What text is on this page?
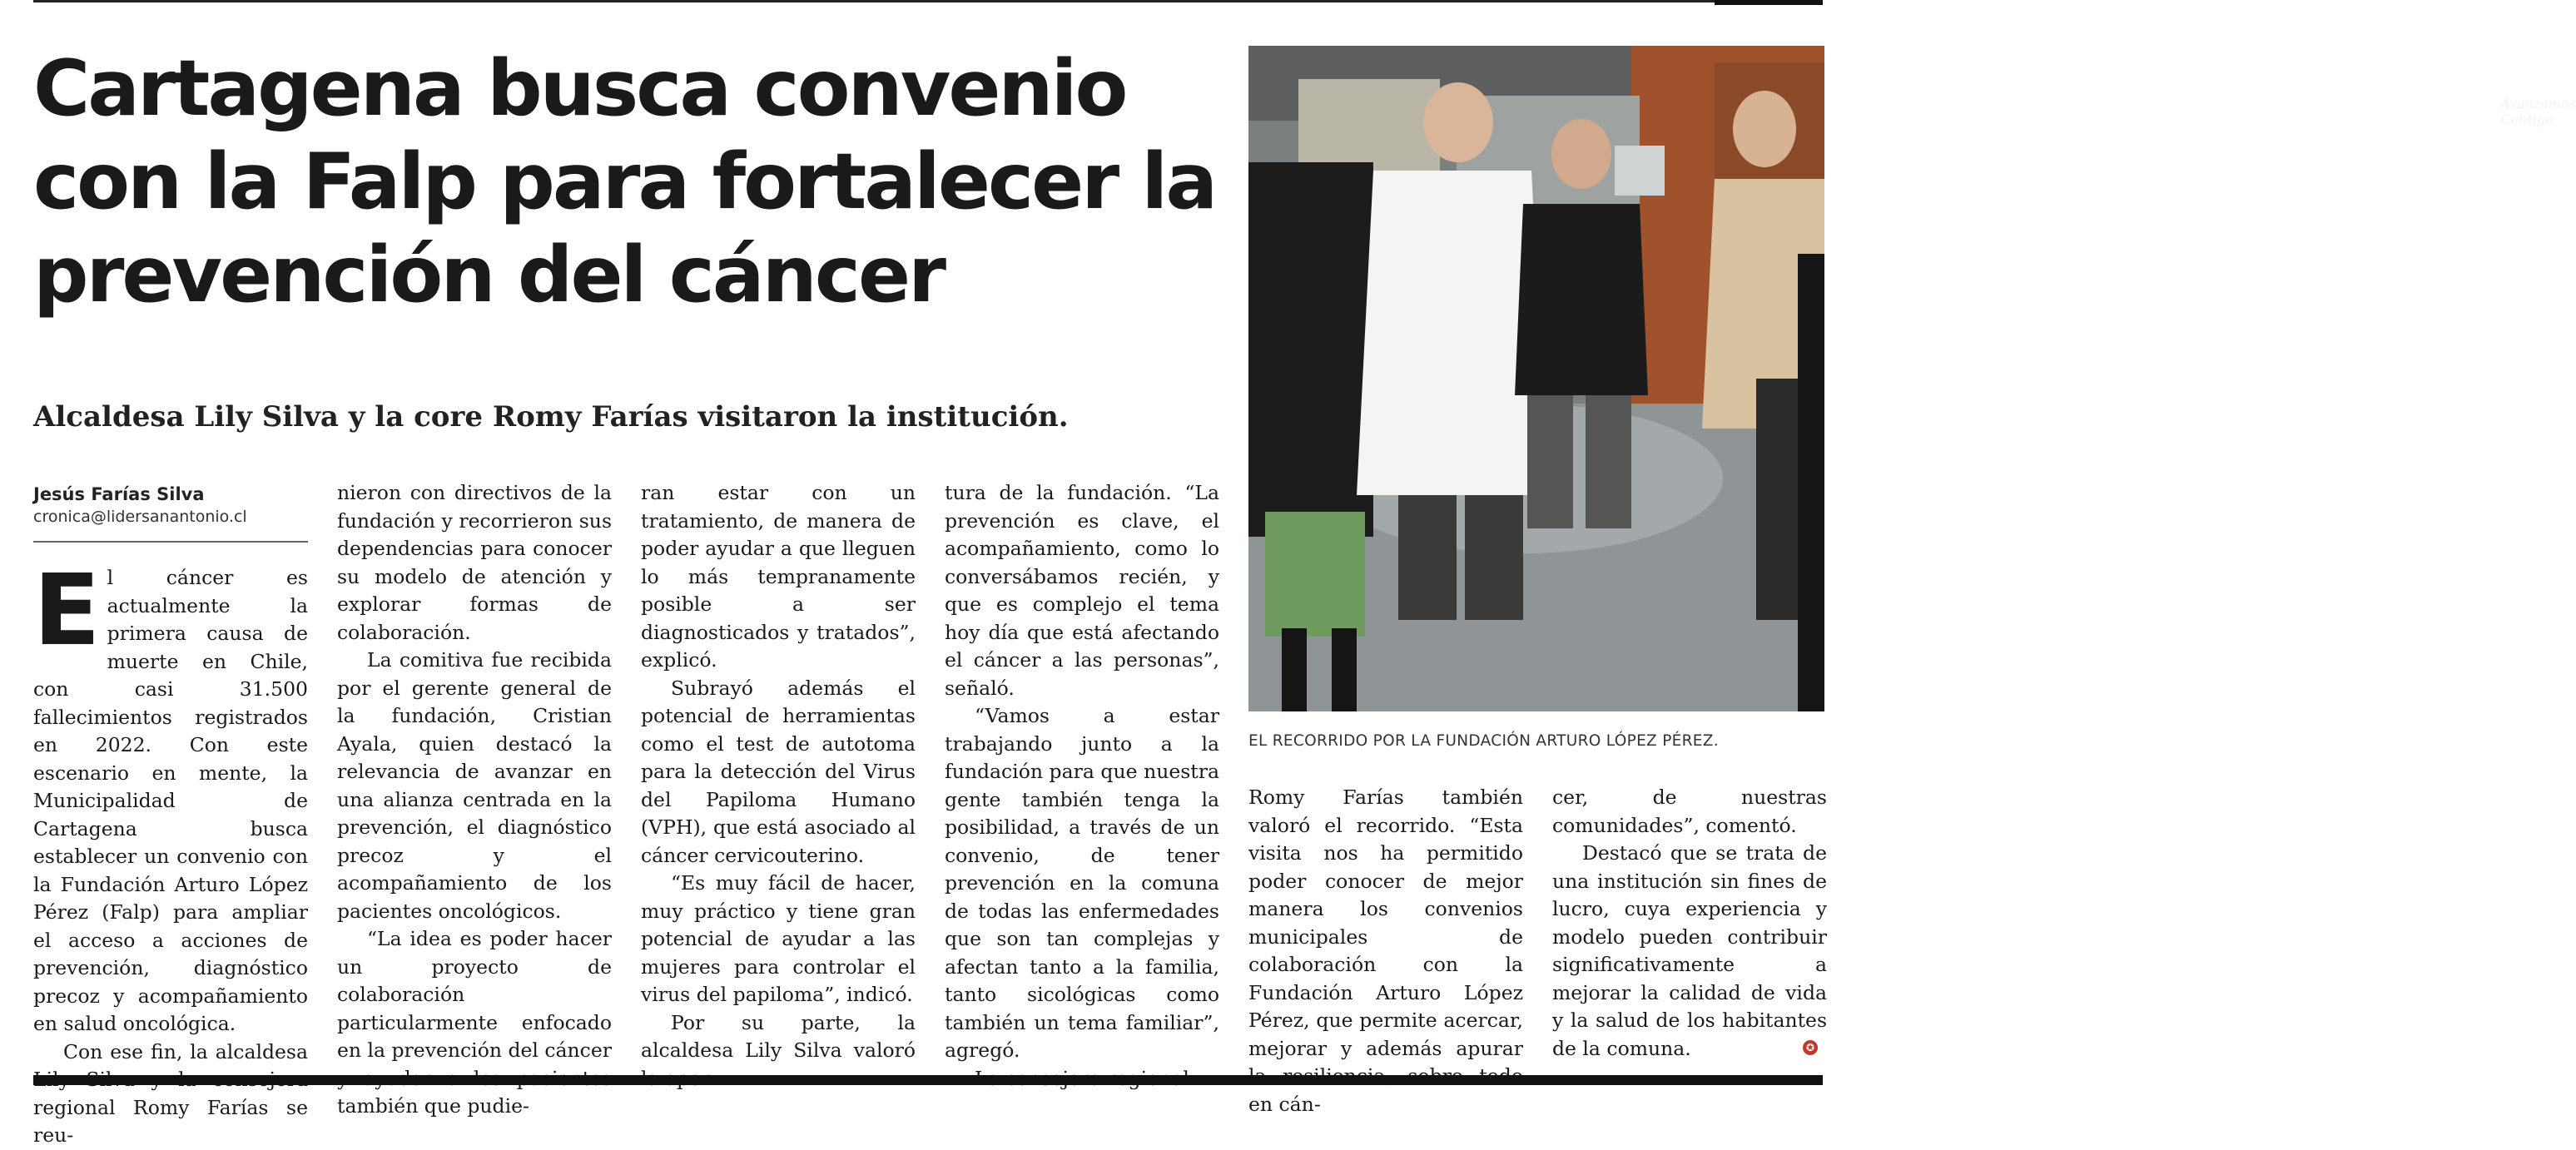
Cartagena busca convenio con la Falp para fortalecer la prevención del cáncer
Alcaldesa Lily Silva y la core Romy Farías visitaron la institución.
Jesús Farías Silva
cronica@lidersanantonio.cl
E l cáncer es actualmente la primera causa de muerte en Chile, con casi 31.500 fallecimientos registrados en 2022. Con este escenario en mente, la Municipalidad de Cartagena busca establecer un convenio con la Fundación Arturo López Pérez (Falp) para ampliar el acceso a acciones de prevención, diagnóstico precoz y acompañamiento en salud oncológica.

Con ese fin, la alcaldesa regional Romy Farías se reu-

nieron con directivos de la fundación y recorrieron sus dependencias para conocer su modelo de atención y explorar formas de colaboración.

La comitiva fue recibida por el gerente general de la fundación, Cristian Ayala, quien destacó la relevancia de avanzar en una alianza centrada en la prevención, el diagnóstico precoz y el acompañamiento de los pacientes oncológicos.

“La idea es poder hacer un proyecto de colaboración particularmente enfocado en la prevención del cáncer también que pudie-

ran estar con un tratamiento, de manera de poder ayudar a que lleguen lo más tempranamente posible a ser diagnosticados y tratados”, explicó.

Subrayó además el potencial de herramientas como el test de autotoma para la detección del Virus del Papiloma Humano (VPH), que está asociado al cáncer cervicouterino.

“Es muy fácil de hacer, muy práctico y tiene gran potencial de ayudar a las mujeres para controlar el virus del papiloma”, indicó.

Por su parte, la alcaldesa Lily Silva valoró

tura de la fundación. “La prevención es clave, el acompañamiento, como lo conversábamos recién, y que es complejo el tema hoy día que está afectando el cáncer a las personas”, señaló.

“Vamos a estar trabajando junto a la fundación para que nuestra gente también tenga la posibilidad, a través de un convenio, de tener prevención en la comuna de todas las enfermedades que son tan complejas y afectan tanto a la familia, tanto sicológicas como también un tema familiar”, agregó.

Avanzamos Contigo
EL RECORRIDO POR LA FUNDACIÓN ARTURO LÓPEZ PÉREZ.

Romy Farías también valoró el recorrido. “Esta visita nos ha permitido poder conocer de mejor manera los convenios municipales de colaboración con la Fundación Arturo López Pérez, que permite acercar, mejorar y además apurar en cán-

cer, de nuestras comunidades”, comentó.

Destacó que se trata de una institución sin fines de lucro, cuya experiencia y modelo pueden contribuir significativamente a mejorar la calidad de vida y la salud de los habitantes de la comuna.	✪
